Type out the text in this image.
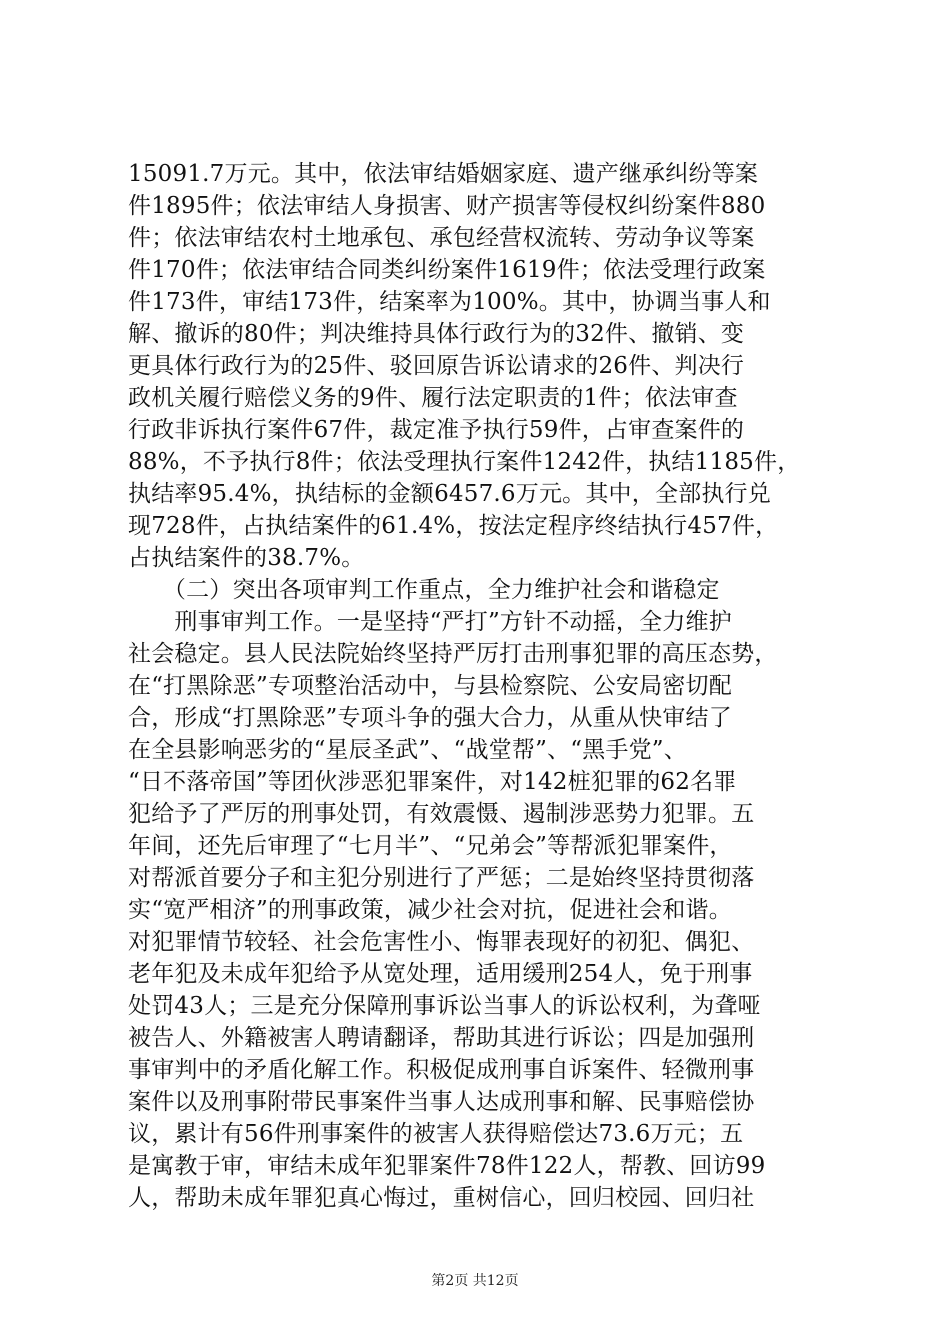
15091.7万元。其中，依法审结婚姻家庭、遗产继承纠纷等案
件1895件；依法审结人身损害、财产损害等侵权纠纷案件880
件；依法审结农村土地承包、承包经营权流转、劳动争议等案
件170件；依法审结合同类纠纷案件1619件；依法受理行政案
件173件，审结173件，结案率为100%。其中，协调当事人和
解、撤诉的80件；判决维持具体行政行为的32件、撤销、变
更具体行政行为的25件、驳回原告诉讼请求的26件、判决行
政机关履行赔偿义务的9件、履行法定职责的1件；依法审查
行政非诉执行案件67件，裁定准予执行59件，占审查案件的
88%，不予执行8件；依法受理执行案件1242件，执结1185件，
执结率95.4%，执结标的金额6457.6万元。其中，全部执行兑
现728件，占执结案件的61.4%，按法定程序终结执行457件，
占执结案件的38.7%。
　　（二）突出各项审判工作重点，全力维护社会和谐稳定
　　刑事审判工作。一是坚持“严打”方针不动摇，全力维护
社会稳定。县人民法院始终坚持严厉打击刑事犯罪的高压态势，
在“打黑除恶”专项整治活动中，与县检察院、公安局密切配
合，形成“打黑除恶”专项斗争的强大合力，从重从快审结了
在全县影响恶劣的“星辰圣武”、“战堂帮”、“黑手党”、
“日不落帝国”等团伙涉恶犯罪案件，对142桩犯罪的62名罪
犯给予了严厉的刑事处罚，有效震慑、遏制涉恶势力犯罪。五
年间，还先后审理了“七月半”、“兄弟会”等帮派犯罪案件，
对帮派首要分子和主犯分别进行了严惩；二是始终坚持贯彻落
实“宽严相济”的刑事政策，减少社会对抗，促进社会和谐。
对犯罪情节较轻、社会危害性小、悔罪表现好的初犯、偶犯、
老年犯及未成年犯给予从宽处理，适用缓刑254人，免于刑事
处罚43人；三是充分保障刑事诉讼当事人的诉讼权利，为聋哑
被告人、外籍被害人聘请翻译，帮助其进行诉讼；四是加强刑
事审判中的矛盾化解工作。积极促成刑事自诉案件、轻微刑事
案件以及刑事附带民事案件当事人达成刑事和解、民事赔偿协
议，累计有56件刑事案件的被害人获得赔偿达73.6万元；五
是寓教于审，审结未成年犯罪案件78件122人，帮教、回访99
人，帮助未成年罪犯真心悔过，重树信心，回归校园、回归社
第2页 共12页
